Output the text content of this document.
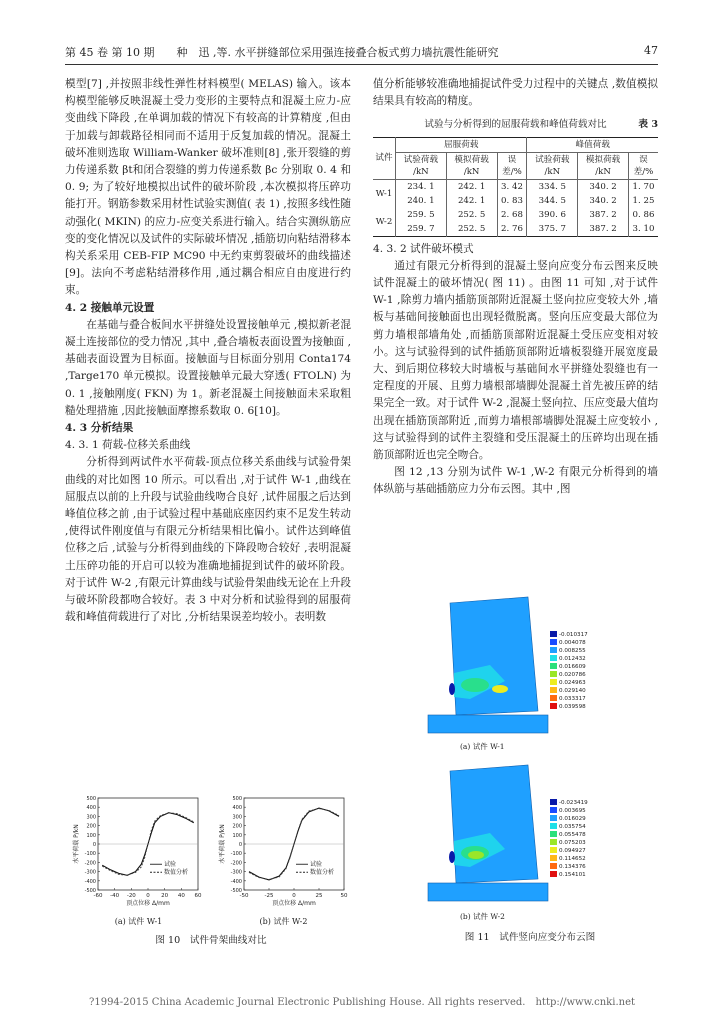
第 45 卷 第 10 期　　种　迅 ,等. 水平拼缝部位采用强连接叠合板式剪力墙抗震性能研究	47

模型[7] ,并按照非线性弹性材料模型( MELAS) 输入。该本构模型能够反映混凝土受力变形的主要特点和混凝土应力-应变曲线下降段 ,在单调加载的情况下有较高的计算精度 ,但由于加载与卸载路径相同而不适用于反复加载的情况。混凝土破坏准则选取 William-Wanker 破坏准则[8] ,张开裂缝的剪力传递系数 βt和闭合裂缝的剪力传递系数 βc 分别取 0. 4 和 0. 9; 为了较好地模拟出试件的破坏阶段 ,本次模拟将压碎功能打开。钢筋参数采用材性试验实测值( 表 1) ,按照多线性随动强化( MKIN) 的应力-应变关系进行输入。结合实测纵筋应变的变化情况以及试件的实际破坏情况 ,插筋切向粘结滑移本构关系采用 CEB-FIP MC90 中无约束剪裂破坏的曲线描述[9]。法向不考虑粘结滑移作用 ,通过耦合相应自由度进行约束。

4. 2 接触单元设置

在基础与叠合板间水平拼缝处设置接触单元 ,模拟新老混凝土连接部位的受力情况 ,其中 ,叠合墙板表面设置为接触面 ,基础表面设置为目标面。接触面与目标面分别用 Conta174 ,Targe170 单元模拟。设置接触单元最大穿透( FTOLN) 为 0. 1 ,接触刚度( FKN) 为 1。新老混凝土间接触面未采取粗糙处理措施 ,因此接触面摩擦系数取 0. 6[10]。

4. 3 分析结果

4. 3. 1 荷载-位移关系曲线

分析得到两试件水平荷载-顶点位移关系曲线与试验骨架曲线的对比如图 10 所示。可以看出 ,对于试件 W-1 ,曲线在屈服点以前的上升段与试验曲线吻合良好 ,试件屈服之后达到峰值位移之前 ,由于试验过程中基础底座因约束不足发生转动 ,使得试件刚度值与有限元分析结果相比偏小。试件达到峰值位移之后 ,试验与分析得到曲线的下降段吻合较好 ,表明混凝土压碎功能的开启可以较为准确地捕捉到试件的破坏阶段。对于试件 W-2 ,有限元计算曲线与试验骨架曲线无论在上升段与破坏阶段都吻合较好。表 3 中对分析和试验得到的屈服荷载和峰值荷载进行了对比 ,分析结果误差均较小。表明数

-500
-400
-300
-200
-100
0
100
200
300
400
500
-60 -40 -20 0 20 40 60
顶点位移 Δ/mm
水平荷载 P/kN
试验
数值分析
-500
-400
-300
-200
-100
0
100
200
300
400
500
-50	-25	0	25	50
顶点位移 Δ/mm
水平荷载 P/kN
试验
数值分析
(a) 试件 W-1	(b) 试件 W-2
图 10　试件骨架曲线对比

值分析能够较准确地捕捉试件受力过程中的关键点 ,数值模拟结果具有较高的精度。

试验与分析得到的屈服荷载和峰值荷载对比	表 3
试件	屈服荷载			峰值荷载		
	试验荷载 /kN	模拟荷载 /kN	误差/%	试验荷载 /kN	模拟荷载 /kN	误差/%
W-1	234. 1	242. 1	3. 42	334. 5	340. 2	1. 70
	240. 1	242. 1	0. 83	344. 5	340. 2	1. 25
W-2	259. 5	252. 5	2. 68	390. 6	387. 2	0. 86
	259. 7	252. 5	2. 76	375. 7	387. 2	3. 10

4. 3. 2 试件破坏模式

通过有限元分析得到的混凝土竖向应变分布云图来反映试件混凝土的破坏情况( 图 11) 。由图 11 可知 ,对于试件 W-1 ,除剪力墙内插筋顶部附近混凝土竖向拉应变较大外 ,墙板与基础间接触面也出现轻微脱离。竖向压应变最大部位为剪力墙根部墙角处 ,而插筋顶部附近混凝土受压应变相对较小。这与试验得到的试件插筋顶部附近墙板裂缝开展宽度最大、到后期位移较大时墙板与基础间水平拼缝处裂缝也有一定程度的开展、且剪力墙根部墙脚处混凝土首先被压碎的结果完全一致。对于试件 W-2 ,混凝土竖向拉、压应变最大值均出现在插筋顶部附近 ,而剪力墙根部墙脚处混凝土应变较小 ,这与试验得到的试件主裂缝和受压混凝土的压碎均出现在插筋顶部附近也完全吻合。

图 12 ,13 分别为试件 W-1 ,W-2 有限元分析得到的墙体纵筋与基础插筋应力分布云图。其中 ,图

-0.010317
0.004078
0.008255
0.012432
0.016609
0.020786
0.024963
0.029140
0.033317
0.039598
-0.023419
0.003695
0.016029
0.035754
0.055478
0.075203
0.094927
0.114652
0.134376
0.154101
(a) 试件 W-1
(b) 试件 W-2
图 11　试件竖向应变分布云图
?1994-2015 China Academic Journal Electronic Publishing House. All rights reserved.　http://www.cnki.net
